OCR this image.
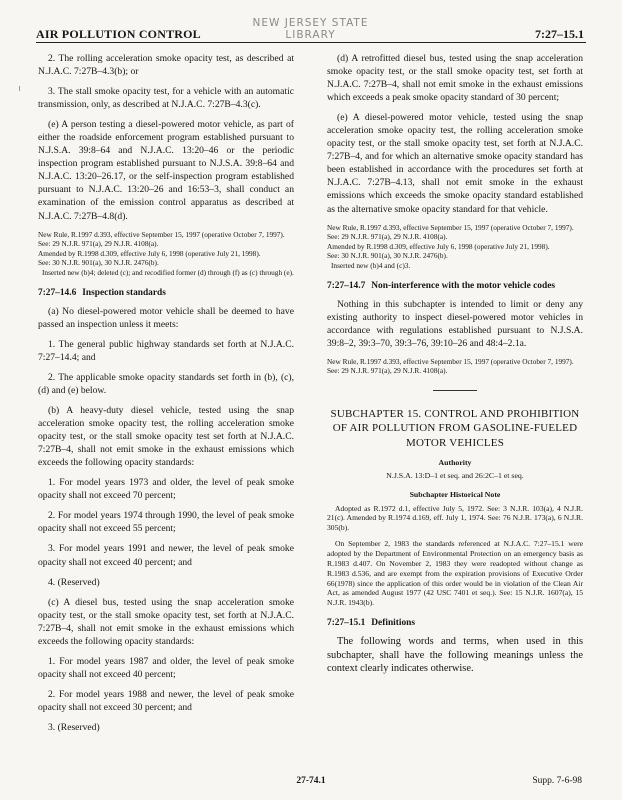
NEW JERSEY STATE LIBRARY
AIR POLLUTION CONTROL	7:27–15.1

2. The rolling acceleration smoke opacity test, as described at N.J.A.C. 7:27B–4.3(b); or

3. The stall smoke opacity test, for a vehicle with an automatic transmission, only, as described at N.J.A.C. 7:27B–4.3(c).

(e) A person testing a diesel-powered motor vehicle, as part of either the roadside enforcement program established pursuant to N.J.S.A. 39:8–64 and N.J.A.C. 13:20–46 or the periodic inspection program established pursuant to N.J.S.A. 39:8–64 and N.J.A.C. 13:20–26.17, or the self-inspection program established pursuant to N.J.A.C. 13:20–26 and 16:53–3, shall conduct an examination of the emission control apparatus as described at N.J.A.C. 7:27B–4.8(d).

New Rule, R.1997 d.393, effective September 15, 1997 (operative October 7, 1997).

See: 29 N.J.R. 971(a), 29 N.J.R. 4108(a).

Amended by R.1998 d.309, effective July 6, 1998 (operative July 21, 1998).

See: 30 N.J.R. 901(a), 30 N.J.R. 2476(b).

Inserted new (b)4; deleted (c); and recodified former (d) through (f) as (c) through (e).

7:27–14.6 Inspection standards

(a) No diesel-powered motor vehicle shall be deemed to have passed an inspection unless it meets:

1. The general public highway standards set forth at N.J.A.C. 7:27–14.4; and

2. The applicable smoke opacity standards set forth in (b), (c), (d) and (e) below.

(b) A heavy-duty diesel vehicle, tested using the snap acceleration smoke opacity test, the rolling acceleration smoke opacity test, or the stall smoke opacity test set forth at N.J.A.C. 7:27B–4, shall not emit smoke in the exhaust emissions which exceeds the following opacity standards:

1. For model years 1973 and older, the level of peak smoke opacity shall not exceed 70 percent;

2. For model years 1974 through 1990, the level of peak smoke opacity shall not exceed 55 percent;

3. For model years 1991 and newer, the level of peak smoke opacity shall not exceed 40 percent; and

4. (Reserved)

(c) A diesel bus, tested using the snap acceleration smoke opacity test, or the stall smoke opacity test, set forth at N.J.A.C. 7:27B–4, shall not emit smoke in the exhaust emissions which exceeds the following opacity standards:

1. For model years 1987 and older, the level of peak smoke opacity shall not exceed 40 percent;

2. For model years 1988 and newer, the level of peak smoke opacity shall not exceed 30 percent; and

3. (Reserved)

(d) A retrofitted diesel bus, tested using the snap acceleration smoke opacity test, or the stall smoke opacity test, set forth at N.J.A.C. 7:27B–4, shall not emit smoke in the exhaust emissions which exceeds a peak smoke opacity standard of 30 percent;

(e) A diesel-powered motor vehicle, tested using the snap acceleration smoke opacity test, the rolling acceleration smoke opacity test, or the stall smoke opacity test, set forth at N.J.A.C. 7:27B–4, and for which an alternative smoke opacity standard has been established in accordance with the procedures set forth at N.J.A.C. 7:27B–4.13, shall not emit smoke in the exhaust emissions which exceeds the smoke opacity standard established as the alternative smoke opacity standard for that vehicle.

New Rule, R.1997 d.393, effective September 15, 1997 (operative October 7, 1997).

See: 29 N.J.R. 971(a), 29 N.J.R. 4108(a).

Amended by R.1998 d.309, effective July 6, 1998 (operative July 21, 1998).

See: 30 N.J.R. 901(a), 30 N.J.R. 2476(b).

Inserted new (b)4 and (c)3.

7:27–14.7 Non-interference with the motor vehicle codes

Nothing in this subchapter is intended to limit or deny any existing authority to inspect diesel-powered motor vehicles in accordance with regulations established pursuant to N.J.S.A. 39:8–2, 39:3–70, 39:3–76, 39:10–26 and 48:4–2.1a.

New Rule, R.1997 d.393, effective September 15, 1997 (operative October 7, 1997).

See: 29 N.J.R. 971(a), 29 N.J.R. 4108(a).

SUBCHAPTER 15. CONTROL AND PROHIBITION OF AIR POLLUTION FROM GASOLINE-FUELED MOTOR VEHICLES
Authority
N.J.S.A. 13:D–1 et seq. and 26:2C–1 et seq.
Subchapter Historical Note

Adopted as R.1972 d.1, effective July 5, 1972. See: 3 N.J.R. 103(a), 4 N.J.R. 21(c). Amended by R.1974 d.169, eff. July 1, 1974. See: 76 N.J.R. 173(a), 6 N.J.R. 305(b).

On September 2, 1983 the standards referenced at N.J.A.C. 7:27–15.1 were adopted by the Department of Environmental Protection on an emergency basis as R.1983 d.407. On November 2, 1983 they were readopted without change as R.1983 d.536, and are exempt from the expiration provisions of Executive Order 66(1978) since the application of this order would be in violation of the Clean Air Act, as amended August 1977 (42 USC 7401 et seq.). See: 15 N.J.R. 1607(a), 15 N.J.R. 1943(b).

7:27–15.1 Definitions

The following words and terms, when used in this subchapter, shall have the following meanings unless the context clearly indicates otherwise.

27-74.1	Supp. 7-6-98
